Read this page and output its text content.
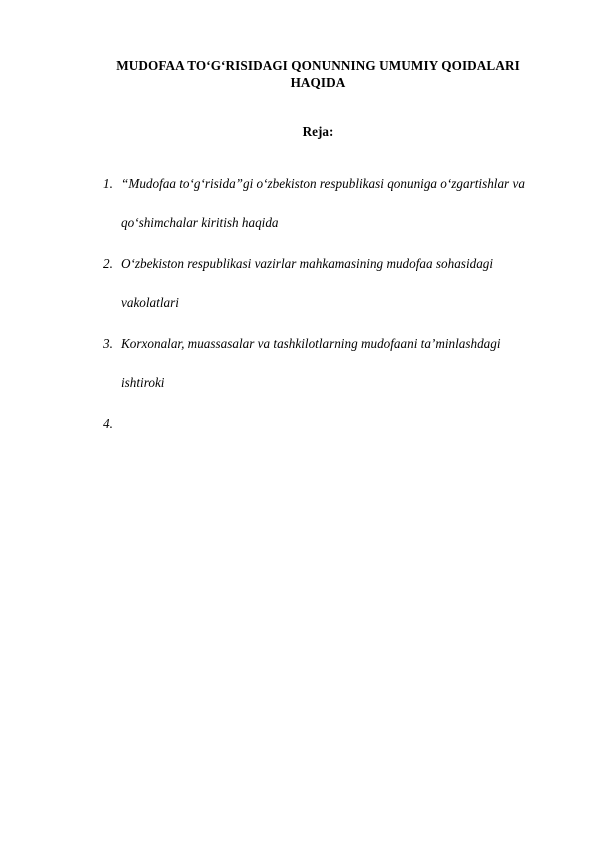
MUDOFAA TO‘G‘RISIDAGI QONUNNING UMUMIY QOIDALARI HAQIDA
Reja:
1. “Mudofaa to‘g‘risida”gi o‘zbekiston respublikasi qonuniga o‘zgartishlar va
qo‘shimchalar kiritish haqida
2. O‘zbekiston respublikasi vazirlar mahkamasining mudofaa sohasidagi
vakolatlari
3. Korxonalar, muassasalar va tashkilotlarning mudofaani ta’minlashdagi
ishtiroki
4.
